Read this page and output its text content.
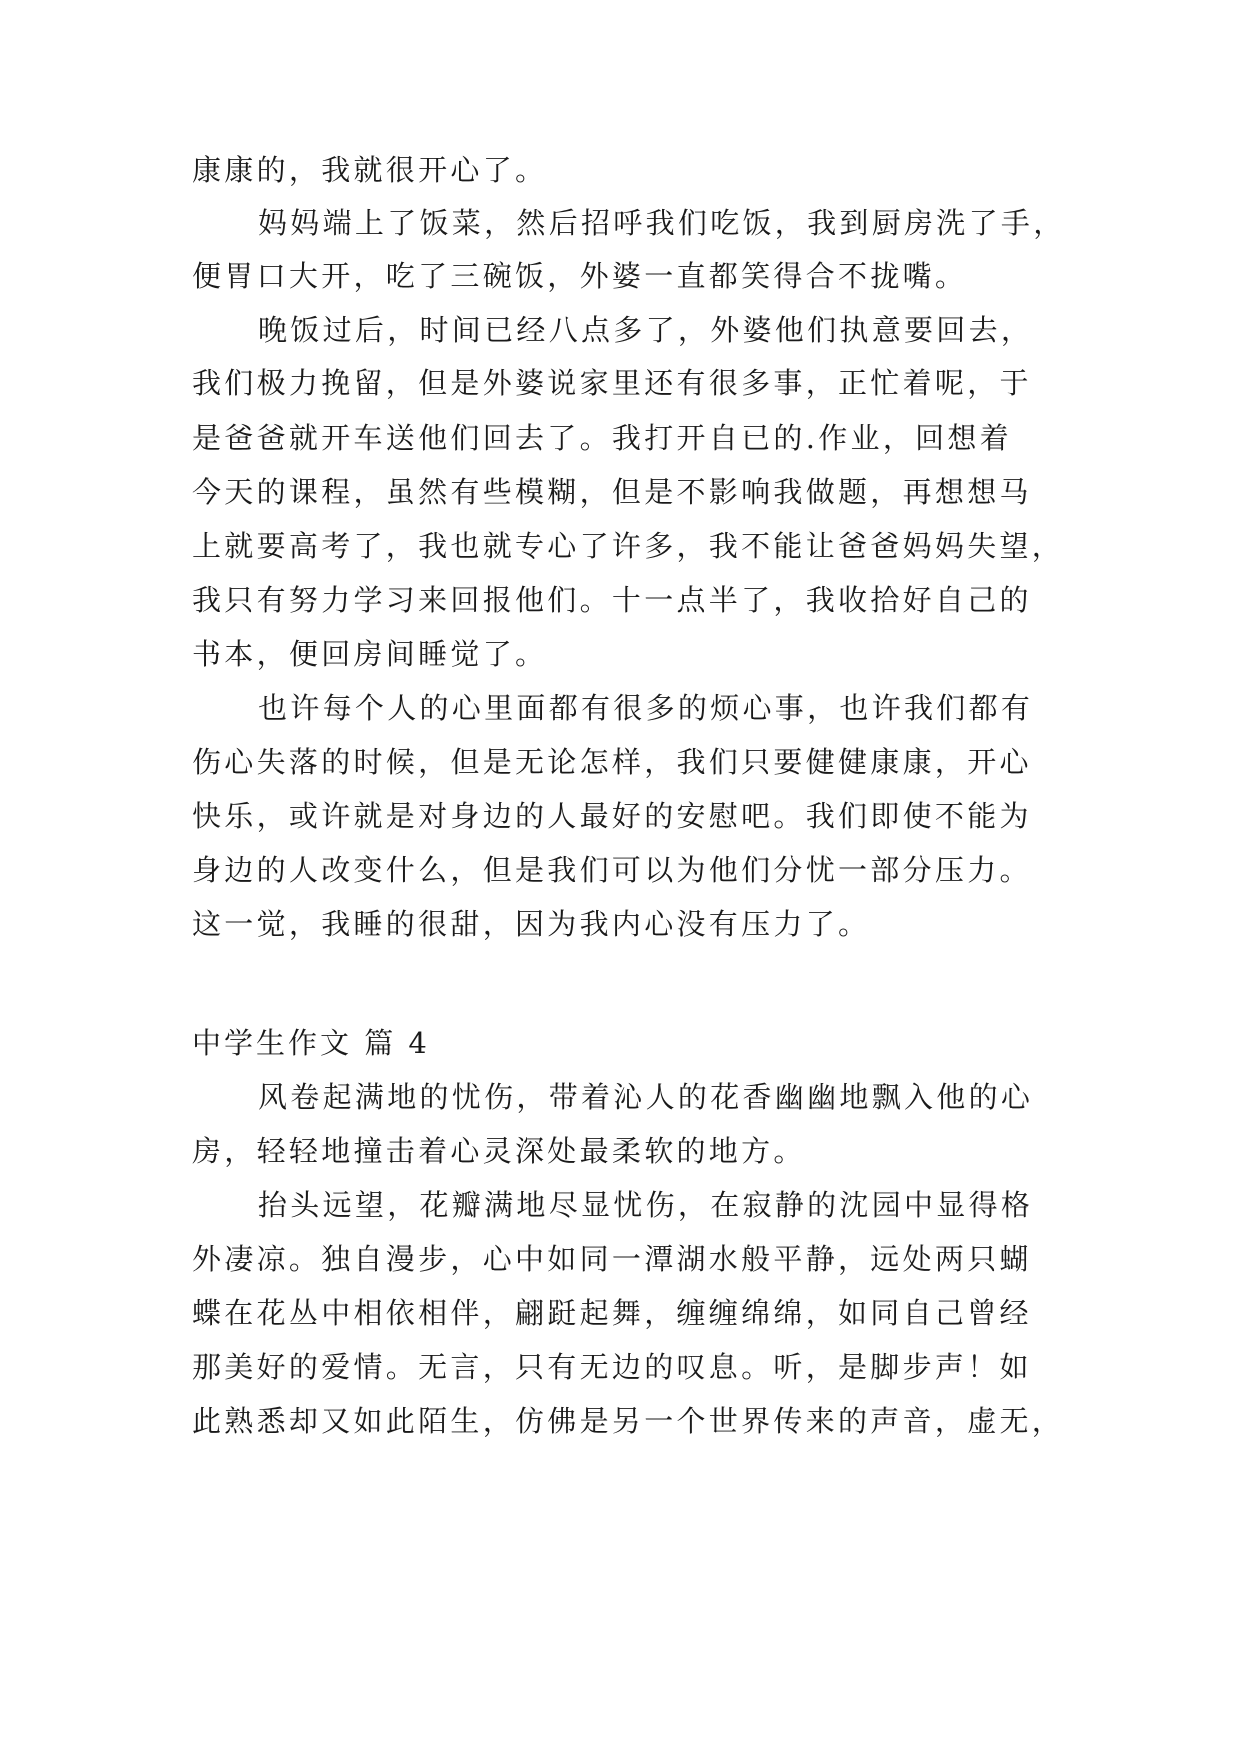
康康的，我就很开心了。
妈妈端上了饭菜，然后招呼我们吃饭，我到厨房洗了手，
便胃口大开，吃了三碗饭，外婆一直都笑得合不拢嘴。
晚饭过后，时间已经八点多了，外婆他们执意要回去，
我们极力挽留，但是外婆说家里还有很多事，正忙着呢，于
是爸爸就开车送他们回去了。我打开自已的.作业，回想着
今天的课程，虽然有些模糊，但是不影响我做题，再想想马
上就要高考了，我也就专心了许多，我不能让爸爸妈妈失望，
我只有努力学习来回报他们。十一点半了，我收拾好自己的
书本，便回房间睡觉了。
也许每个人的心里面都有很多的烦心事，也许我们都有
伤心失落的时候，但是无论怎样，我们只要健健康康，开心
快乐，或许就是对身边的人最好的安慰吧。我们即使不能为
身边的人改变什么，但是我们可以为他们分忧一部分压力。
这一觉，我睡的很甜，因为我内心没有压力了。
中学生作文 篇 4
风卷起满地的忧伤，带着沁人的花香幽幽地飘入他的心
房，轻轻地撞击着心灵深处最柔软的地方。
抬头远望，花瓣满地尽显忧伤，在寂静的沈园中显得格
外凄凉。独自漫步，心中如同一潭湖水般平静，远处两只蝴
蝶在花丛中相依相伴，翩跹起舞，缠缠绵绵，如同自己曾经
那美好的爱情。无言，只有无边的叹息。听，是脚步声！如
此熟悉却又如此陌生，仿佛是另一个世界传来的声音，虚无，
